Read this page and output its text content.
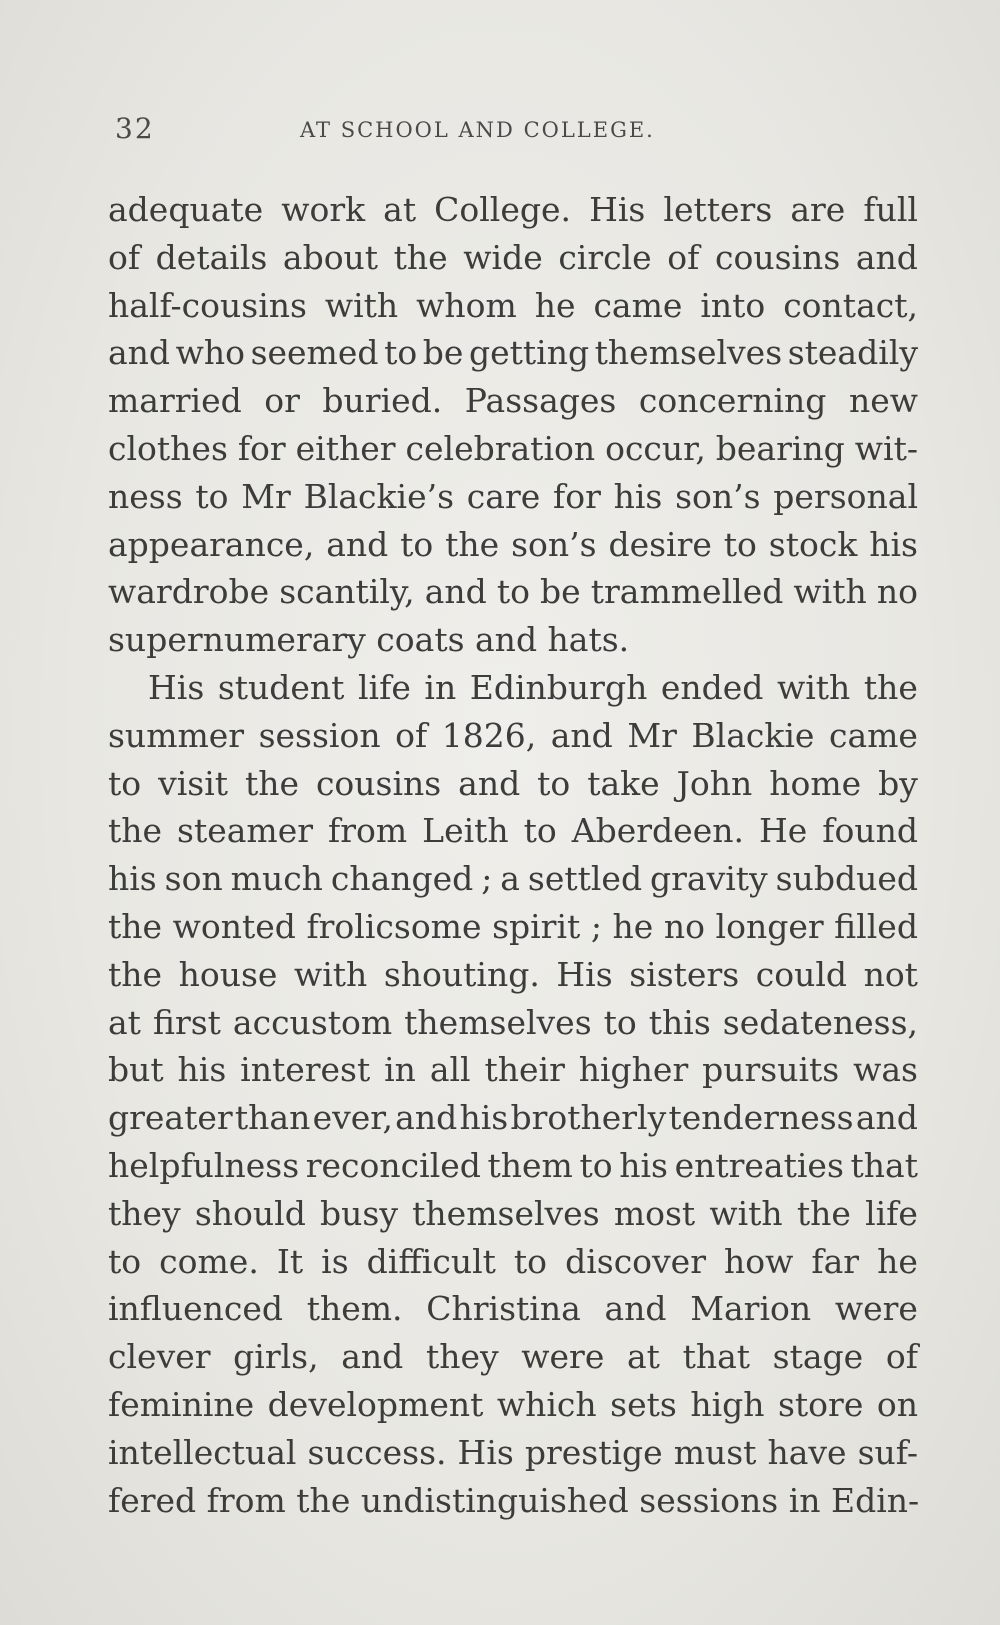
32	AT SCHOOL AND COLLEGE.
adequate work at College. His letters are full
of details about the wide circle of cousins and
half-cousins with whom he came into contact,
and who seemed to be getting themselves steadily
married or buried. Passages concerning new
clothes for either celebration occur, bearing wit-
ness to Mr Blackie’s care for his son’s personal
appearance, and to the son’s desire to stock his
wardrobe scantily, and to be trammelled with no
supernumerary coats and hats.
His student life in Edinburgh ended with the
summer session of 1826, and Mr Blackie came
to visit the cousins and to take John home by
the steamer from Leith to Aberdeen. He found
his son much changed ; a settled gravity subdued
the wonted frolicsome spirit ; he no longer filled
the house with shouting. His sisters could not
at first accustom themselves to this sedateness,
but his interest in all their higher pursuits was
greater than ever, and his brotherly tenderness and
helpfulness reconciled them to his entreaties that
they should busy themselves most with the life
to come. It is difficult to discover how far he
influenced them. Christina and Marion were
clever girls, and they were at that stage of
feminine development which sets high store on
intellectual success. His prestige must have suf-
fered from the undistinguished sessions in Edin-
